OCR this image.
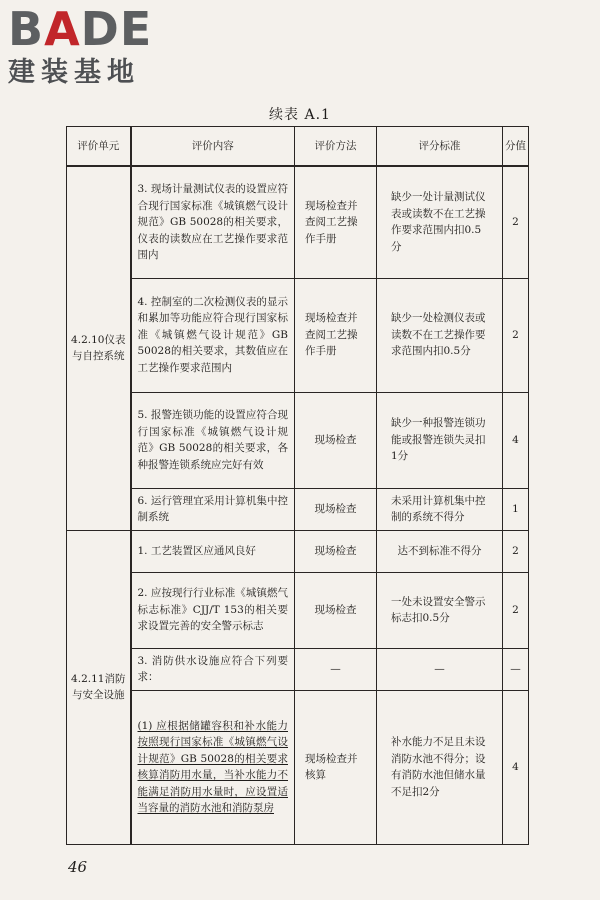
BADE
建装基地
续表 A.1
评价单元	评价内容	评价方法	评分标准	分值
4.2.10仪表与自控系统	3. 现场计量测试仪表的设置应符合现行国家标准《城镇燃气设计规范》GB 50028的相关要求，仪表的读数应在工艺操作要求范围内	现场检查并查阅工艺操作手册	缺少一处计量测试仪表或读数不在工艺操作要求范围内扣0.5分	2
	4. 控制室的二次检测仪表的显示和累加等功能应符合现行国家标准《城镇燃气设计规范》GB 50028的相关要求，其数值应在工艺操作要求范围内	现场检查并查阅工艺操作手册	缺少一处检测仪表或读数不在工艺操作要求范围内扣0.5分	2
	5. 报警连锁功能的设置应符合现行国家标准《城镇燃气设计规范》GB 50028的相关要求，各种报警连锁系统应完好有效	现场检查	缺少一种报警连锁功能或报警连锁失灵扣1分	4
	6. 运行管理宜采用计算机集中控制系统	现场检查	未采用计算机集中控制的系统不得分	1
4.2.11消防与安全设施	1. 工艺装置区应通风良好	现场检查	达不到标准不得分	2
	2. 应按现行行业标准《城镇燃气标志标准》CJJ/T 153的相关要求设置完善的安全警示标志	现场检查	一处未设置安全警示标志扣0.5分	2
	3. 消防供水设施应符合下列要求：	—	—	—
	(1) 应根据储罐容积和补水能力按照现行国家标准《城镇燃气设计规范》GB 50028的相关要求核算消防用水量，当补水能力不能满足消防用水量时，应设置适当容量的消防水池和消防泵房	现场检查并核算	补水能力不足且未设消防水池不得分；设有消防水池但储水量不足扣2分	4
46
